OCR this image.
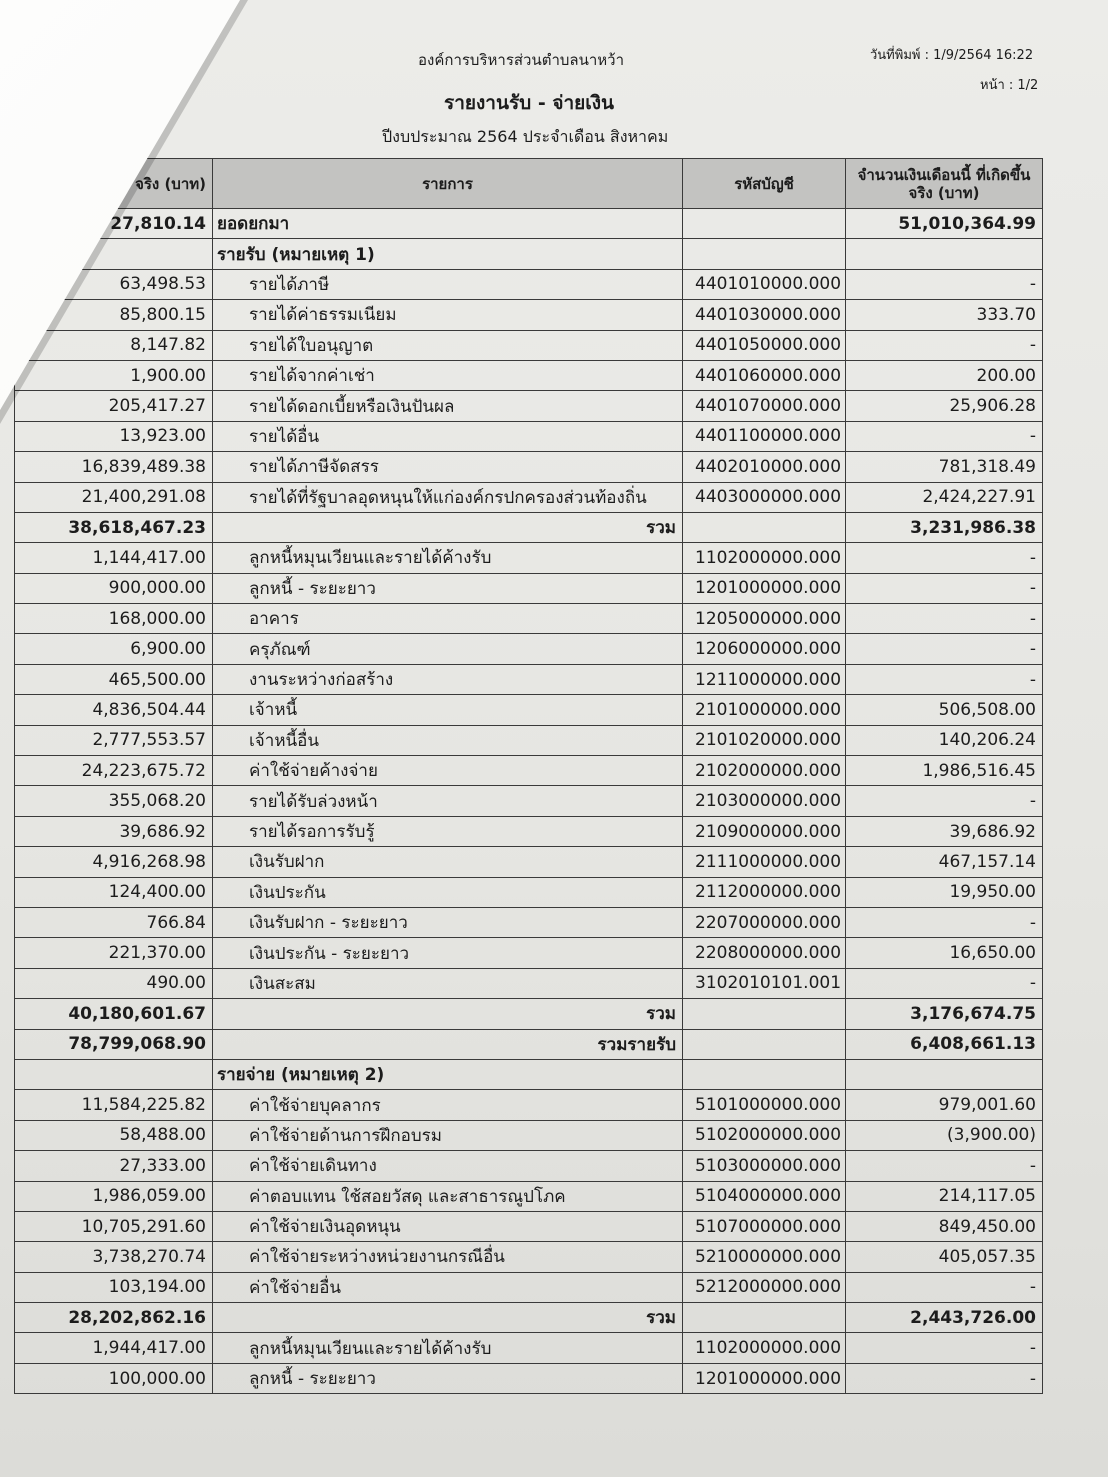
องค์การบริหารส่วนตำบลนาหว้า	วันที่พิมพ์ : 1/9/2564 16:22
หน้า : 1/2
รายงานรับ - จ่ายเงิน
ปีงบประมาณ 2564 ประจำเดือน สิงหาคม
จริง (บาท)	รายการ	รหัสบัญชี	จำนวนเงินเดือนนี้ ที่เกิดขึ้นจริง (บาท)
27,810.14	ยอดยกมา		51,010,364.99
	รายรับ (หมายเหตุ 1)		
63,498.53	รายได้ภาษี	4401010000.000	-
85,800.15	รายได้ค่าธรรมเนียม	4401030000.000	333.70
8,147.82	รายได้ใบอนุญาต	4401050000.000	-
1,900.00	รายได้จากค่าเช่า	4401060000.000	200.00
205,417.27	รายได้ดอกเบี้ยหรือเงินปันผล	4401070000.000	25,906.28
13,923.00	รายได้อื่น	4401100000.000	-
16,839,489.38	รายได้ภาษีจัดสรร	4402010000.000	781,318.49
21,400,291.08	รายได้ที่รัฐบาลอุดหนุนให้แก่องค์กรปกครองส่วนท้องถิ่น	4403000000.000	2,424,227.91
38,618,467.23	รวม		3,231,986.38
1,144,417.00	ลูกหนี้หมุนเวียนและรายได้ค้างรับ	1102000000.000	-
900,000.00	ลูกหนี้ - ระยะยาว	1201000000.000	-
168,000.00	อาคาร	1205000000.000	-
6,900.00	ครุภัณฑ์	1206000000.000	-
465,500.00	งานระหว่างก่อสร้าง	1211000000.000	-
4,836,504.44	เจ้าหนี้	2101000000.000	506,508.00
2,777,553.57	เจ้าหนี้อื่น	2101020000.000	140,206.24
24,223,675.72	ค่าใช้จ่ายค้างจ่าย	2102000000.000	1,986,516.45
355,068.20	รายได้รับล่วงหน้า	2103000000.000	-
39,686.92	รายได้รอการรับรู้	2109000000.000	39,686.92
4,916,268.98	เงินรับฝาก	2111000000.000	467,157.14
124,400.00	เงินประกัน	2112000000.000	19,950.00
766.84	เงินรับฝาก - ระยะยาว	2207000000.000	-
221,370.00	เงินประกัน - ระยะยาว	2208000000.000	16,650.00
490.00	เงินสะสม	3102010101.001	-
40,180,601.67	รวม		3,176,674.75
78,799,068.90	รวมรายรับ		6,408,661.13
	รายจ่าย (หมายเหตุ 2)		
11,584,225.82	ค่าใช้จ่ายบุคลากร	5101000000.000	979,001.60
58,488.00	ค่าใช้จ่ายด้านการฝึกอบรม	5102000000.000	(3,900.00)
27,333.00	ค่าใช้จ่ายเดินทาง	5103000000.000	-
1,986,059.00	ค่าตอบแทน ใช้สอยวัสดุ และสาธารณูปโภค	5104000000.000	214,117.05
10,705,291.60	ค่าใช้จ่ายเงินอุดหนุน	5107000000.000	849,450.00
3,738,270.74	ค่าใช้จ่ายระหว่างหน่วยงานกรณีอื่น	5210000000.000	405,057.35
103,194.00	ค่าใช้จ่ายอื่น	5212000000.000	-
28,202,862.16	รวม		2,443,726.00
1,944,417.00	ลูกหนี้หมุนเวียนและรายได้ค้างรับ	1102000000.000	-
100,000.00	ลูกหนี้ - ระยะยาว	1201000000.000	-
